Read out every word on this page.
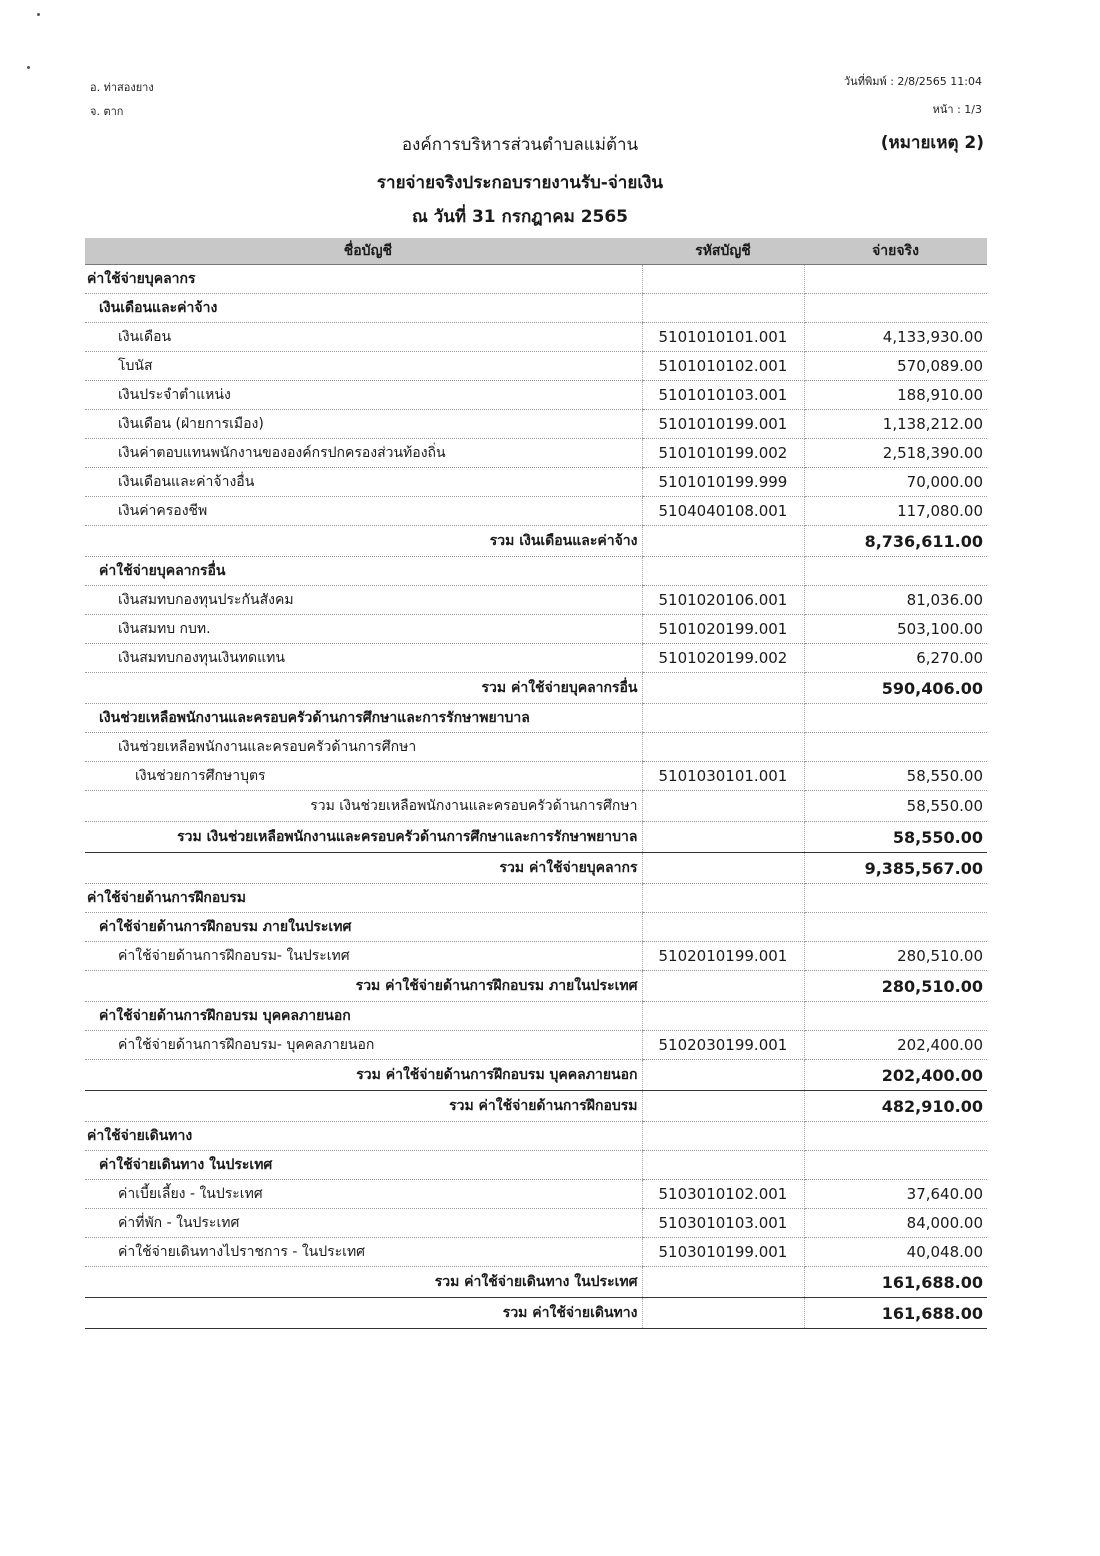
อ. ท่าสองยาง
จ. ตาก
วันที่พิมพ์ : 2/8/2565 11:04
หน้า : 1/3
องค์การบริหารส่วนตำบลแม่ต้าน	(หมายเหตุ 2)
รายจ่ายจริงประกอบรายงานรับ-จ่ายเงิน
ณ วันที่ 31 กรกฎาคม 2565
ชื่อบัญชี	รหัสบัญชี	จ่ายจริง
ค่าใช้จ่ายบุคลากร		
เงินเดือนและค่าจ้าง		
เงินเดือน	5101010101.001	4,133,930.00
โบนัส	5101010102.001	570,089.00
เงินประจำตำแหน่ง	5101010103.001	188,910.00
เงินเดือน (ฝ่ายการเมือง)	5101010199.001	1,138,212.00
เงินค่าตอบแทนพนักงานขององค์กรปกครองส่วนท้องถิ่น	5101010199.002	2,518,390.00
เงินเดือนและค่าจ้างอื่น	5101010199.999	70,000.00
เงินค่าครองชีพ	5104040108.001	117,080.00
รวม เงินเดือนและค่าจ้าง		8,736,611.00
ค่าใช้จ่ายบุคลากรอื่น		
เงินสมทบกองทุนประกันสังคม	5101020106.001	81,036.00
เงินสมทบ กบท.	5101020199.001	503,100.00
เงินสมทบกองทุนเงินทดแทน	5101020199.002	6,270.00
รวม ค่าใช้จ่ายบุคลากรอื่น		590,406.00
เงินช่วยเหลือพนักงานและครอบครัวด้านการศึกษาและการรักษาพยาบาล		
เงินช่วยเหลือพนักงานและครอบครัวด้านการศึกษา		
เงินช่วยการศึกษาบุตร	5101030101.001	58,550.00
รวม เงินช่วยเหลือพนักงานและครอบครัวด้านการศึกษา		58,550.00
รวม เงินช่วยเหลือพนักงานและครอบครัวด้านการศึกษาและการรักษาพยาบาล		58,550.00
รวม ค่าใช้จ่ายบุคลากร		9,385,567.00
ค่าใช้จ่ายด้านการฝึกอบรม		
ค่าใช้จ่ายด้านการฝึกอบรม ภายในประเทศ		
ค่าใช้จ่ายด้านการฝึกอบรม- ในประเทศ	5102010199.001	280,510.00
รวม ค่าใช้จ่ายด้านการฝึกอบรม ภายในประเทศ		280,510.00
ค่าใช้จ่ายด้านการฝึกอบรม บุคคลภายนอก		
ค่าใช้จ่ายด้านการฝึกอบรม- บุคคลภายนอก	5102030199.001	202,400.00
รวม ค่าใช้จ่ายด้านการฝึกอบรม บุคคลภายนอก		202,400.00
รวม ค่าใช้จ่ายด้านการฝึกอบรม		482,910.00
ค่าใช้จ่ายเดินทาง		
ค่าใช้จ่ายเดินทาง ในประเทศ		
ค่าเบี้ยเลี้ยง - ในประเทศ	5103010102.001	37,640.00
ค่าที่พัก - ในประเทศ	5103010103.001	84,000.00
ค่าใช้จ่ายเดินทางไปราชการ - ในประเทศ	5103010199.001	40,048.00
รวม ค่าใช้จ่ายเดินทาง ในประเทศ		161,688.00
รวม ค่าใช้จ่ายเดินทาง		161,688.00
